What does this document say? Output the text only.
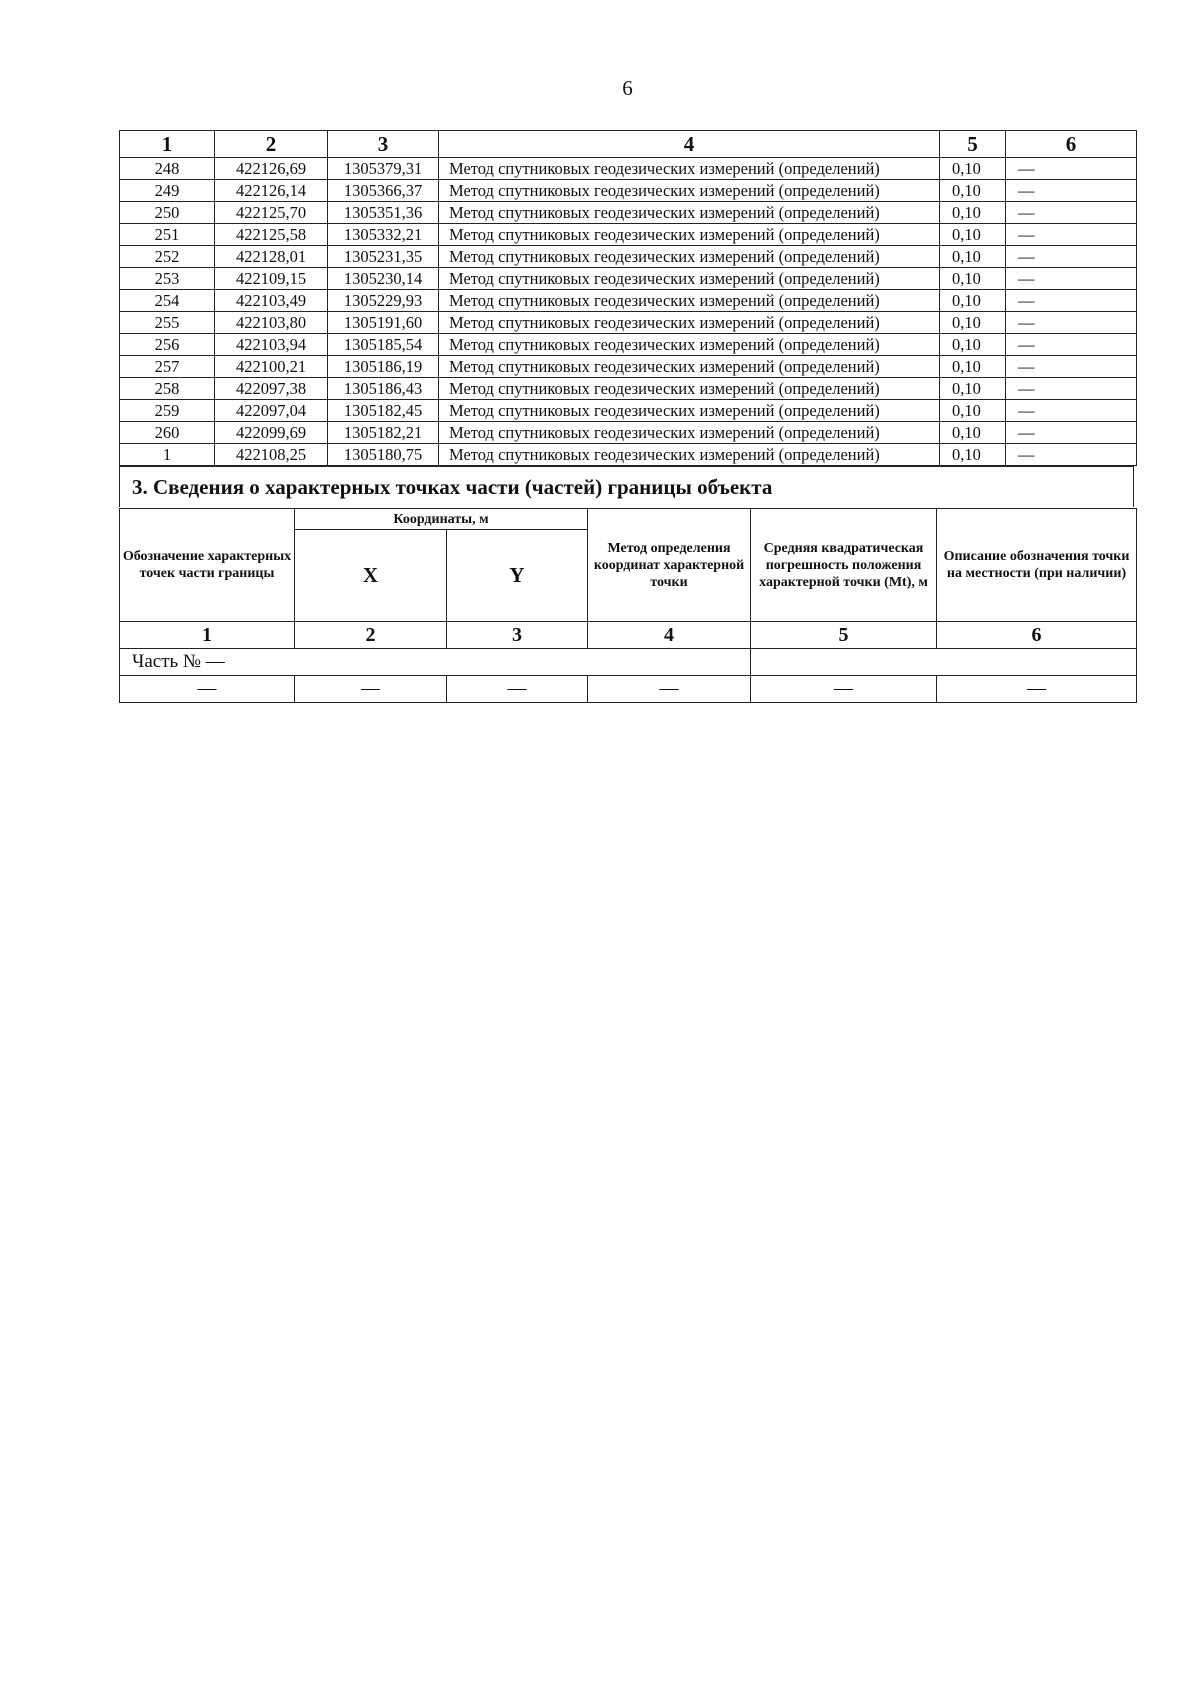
6
1	2	3	4	5	6
248	422126,69	1305379,31	Метод спутниковых геодезических измерений (определений)	0,10	—
249	422126,14	1305366,37	Метод спутниковых геодезических измерений (определений)	0,10	—
250	422125,70	1305351,36	Метод спутниковых геодезических измерений (определений)	0,10	—
251	422125,58	1305332,21	Метод спутниковых геодезических измерений (определений)	0,10	—
252	422128,01	1305231,35	Метод спутниковых геодезических измерений (определений)	0,10	—
253	422109,15	1305230,14	Метод спутниковых геодезических измерений (определений)	0,10	—
254	422103,49	1305229,93	Метод спутниковых геодезических измерений (определений)	0,10	—
255	422103,80	1305191,60	Метод спутниковых геодезических измерений (определений)	0,10	—
256	422103,94	1305185,54	Метод спутниковых геодезических измерений (определений)	0,10	—
257	422100,21	1305186,19	Метод спутниковых геодезических измерений (определений)	0,10	—
258	422097,38	1305186,43	Метод спутниковых геодезических измерений (определений)	0,10	—
259	422097,04	1305182,45	Метод спутниковых геодезических измерений (определений)	0,10	—
260	422099,69	1305182,21	Метод спутниковых геодезических измерений (определений)	0,10	—
1	422108,25	1305180,75	Метод спутниковых геодезических измерений (определений)	0,10	—
3. Сведения о характерных точках части (частей) границы объекта
Обозначение характерных точек части границы	Координаты, м		Метод определения координат характерной точки	Средняя квадратическая погрешность положения характерной точки (Mt), м	Описание обозначения точки на местности (при наличии)
	X	Y			
1	2	3	4	5	6
Часть № —					
—	—	—	—	—	—
